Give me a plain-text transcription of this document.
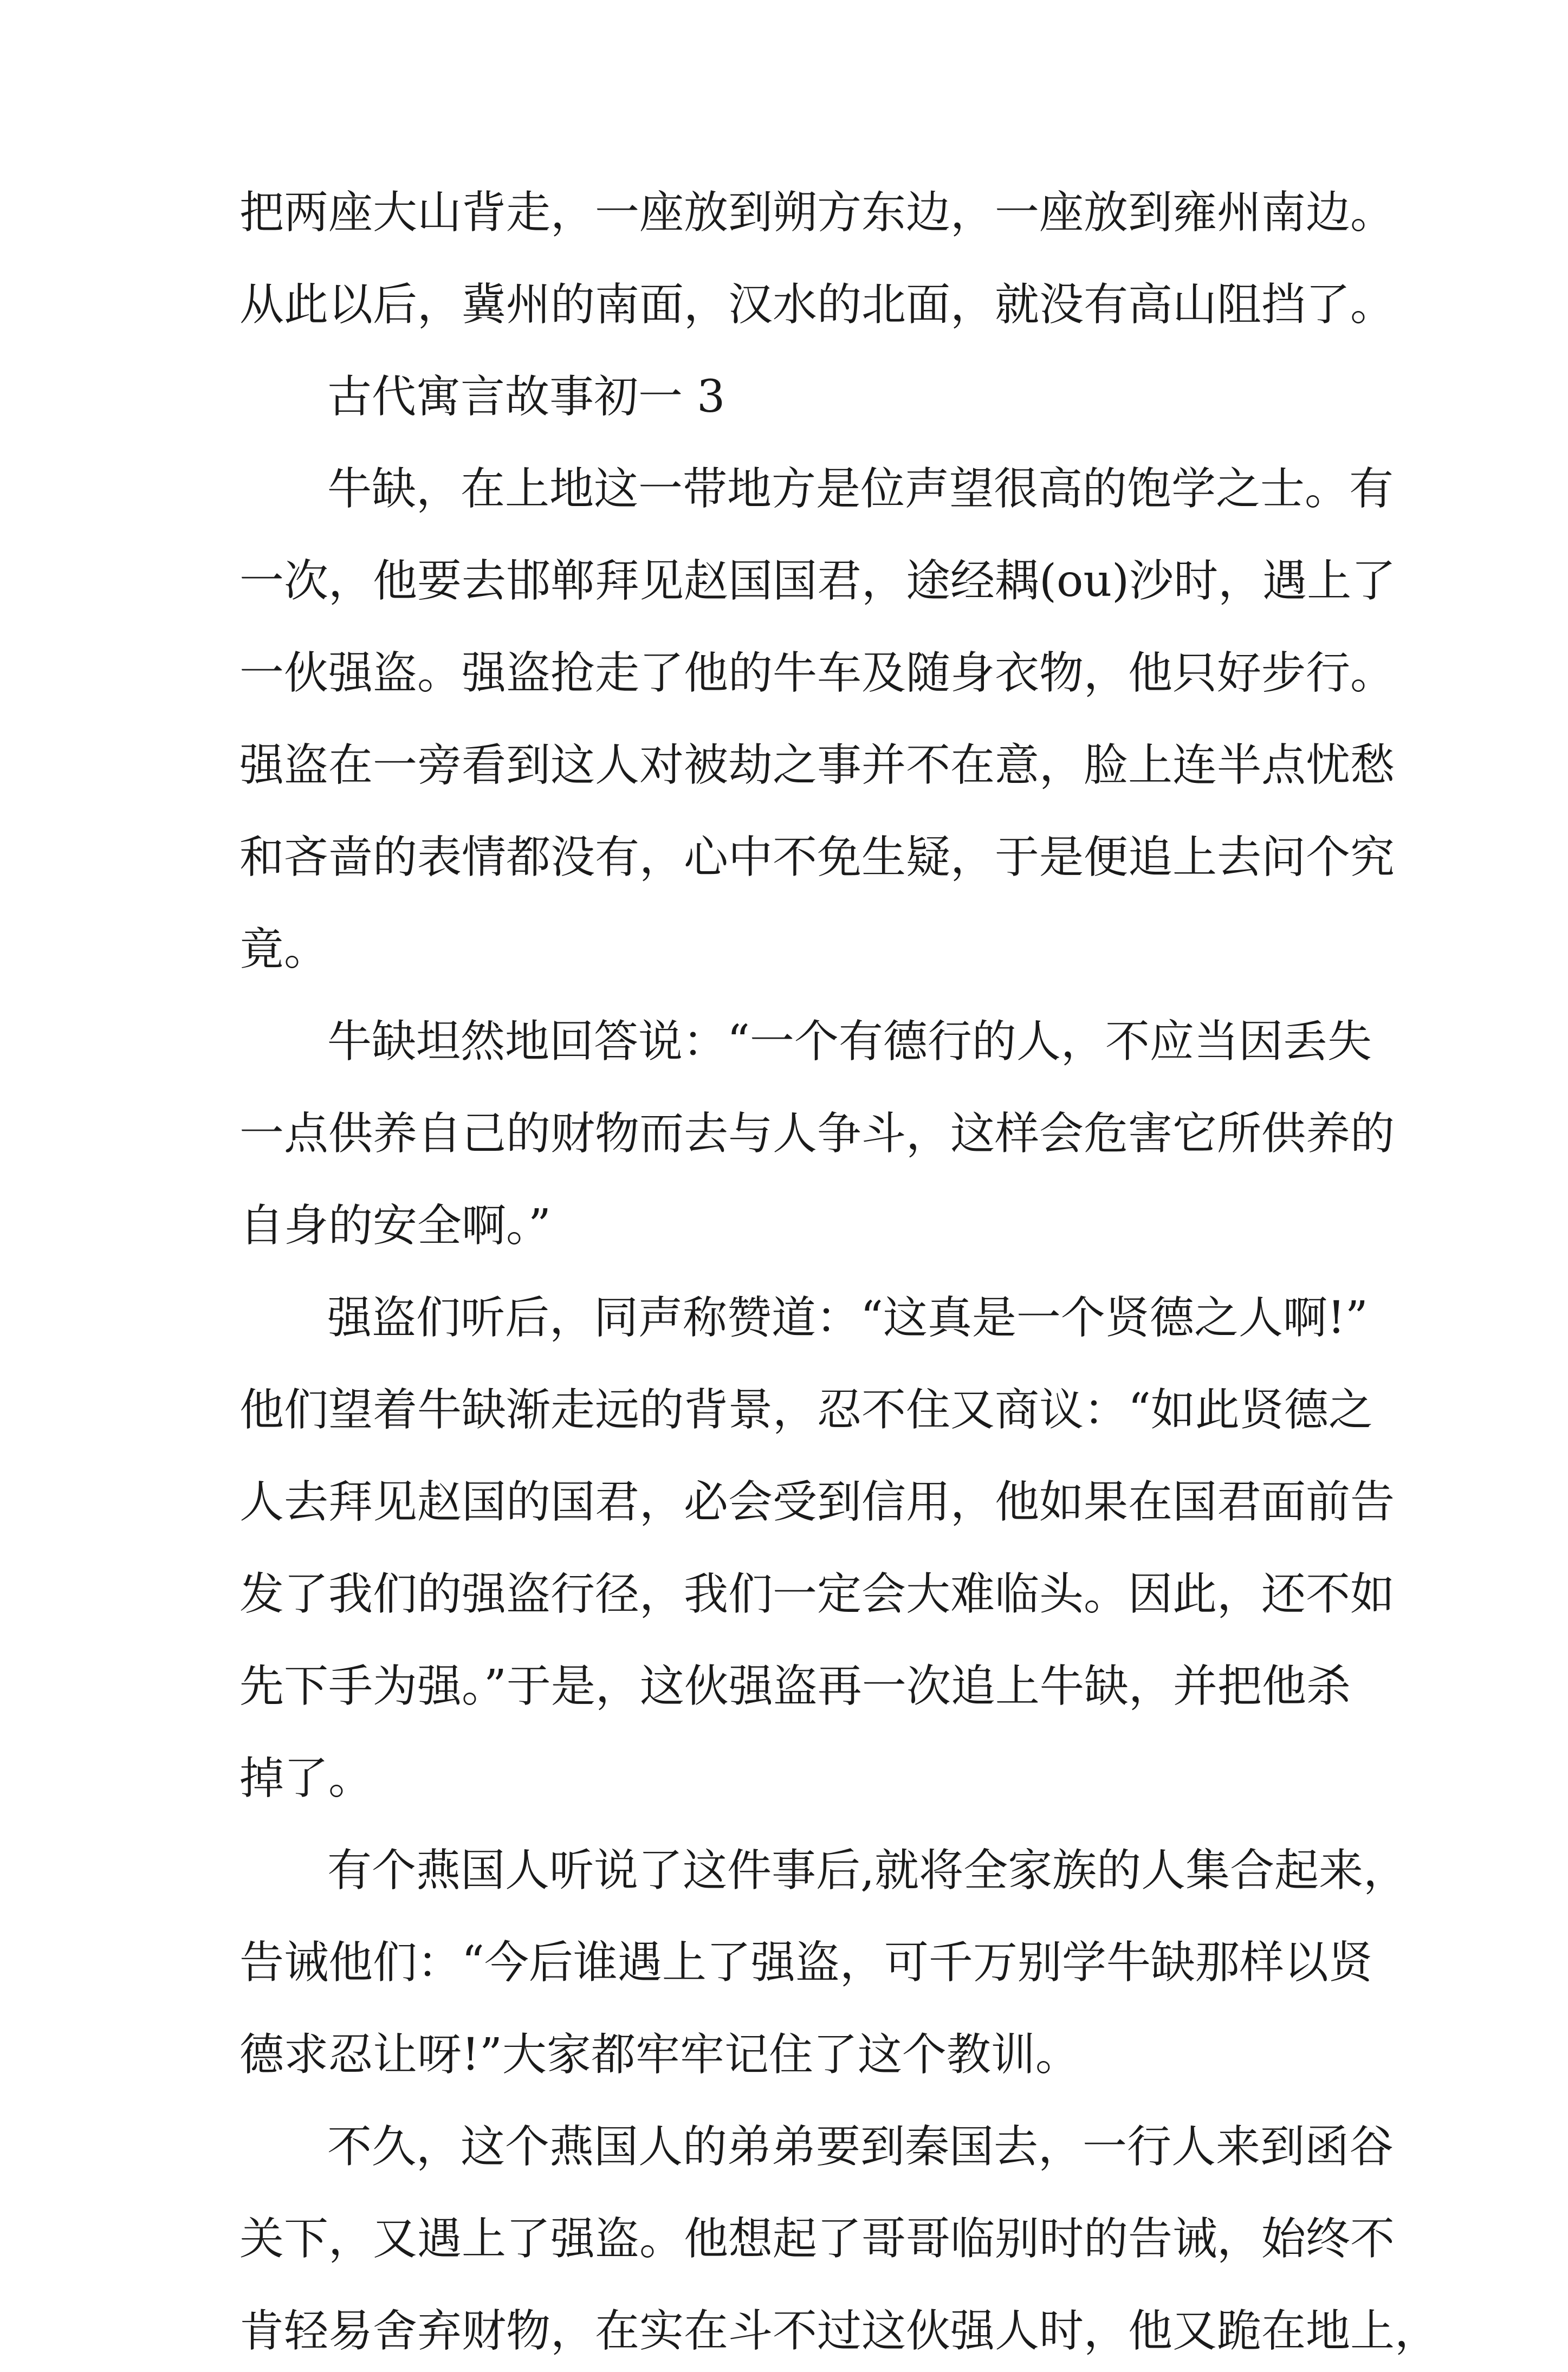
把两座大山背走，一座放到朔方东边，一座放到雍州南边。
从此以后，冀州的南面，汉水的北面，就没有高山阻挡了。
古代寓言故事初一 3
牛缺，在上地这一带地方是位声望很高的饱学之士。有
一次，他要去邯郸拜见赵国国君，途经耦(ou)沙时，遇上了
一伙强盗。强盗抢走了他的牛车及随身衣物，他只好步行。
强盗在一旁看到这人对被劫之事并不在意，脸上连半点忧愁
和吝啬的表情都没有，心中不免生疑，于是便追上去问个究
竟。
牛缺坦然地回答说：“一个有德行的人，不应当因丢失
一点供养自己的财物而去与人争斗，这样会危害它所供养的
自身的安全啊。”
强盗们听后，同声称赞道：“这真是一个贤德之人啊!”
他们望着牛缺渐走远的背景，忍不住又商议：“如此贤德之
人去拜见赵国的国君，必会受到信用，他如果在国君面前告
发了我们的强盗行径，我们一定会大难临头。因此，还不如
先下手为强。”于是，这伙强盗再一次追上牛缺，并把他杀
掉了。
有个燕国人听说了这件事后,就将全家族的人集合起来，
告诫他们：“今后谁遇上了强盗，可千万别学牛缺那样以贤
德求忍让呀!”大家都牢牢记住了这个教训。
不久，这个燕国人的弟弟要到秦国去，一行人来到函谷
关下，又遇上了强盗。他想起了哥哥临别时的告诫，始终不
肯轻易舍弃财物，在实在斗不过这伙强人时，他又跪在地上，
